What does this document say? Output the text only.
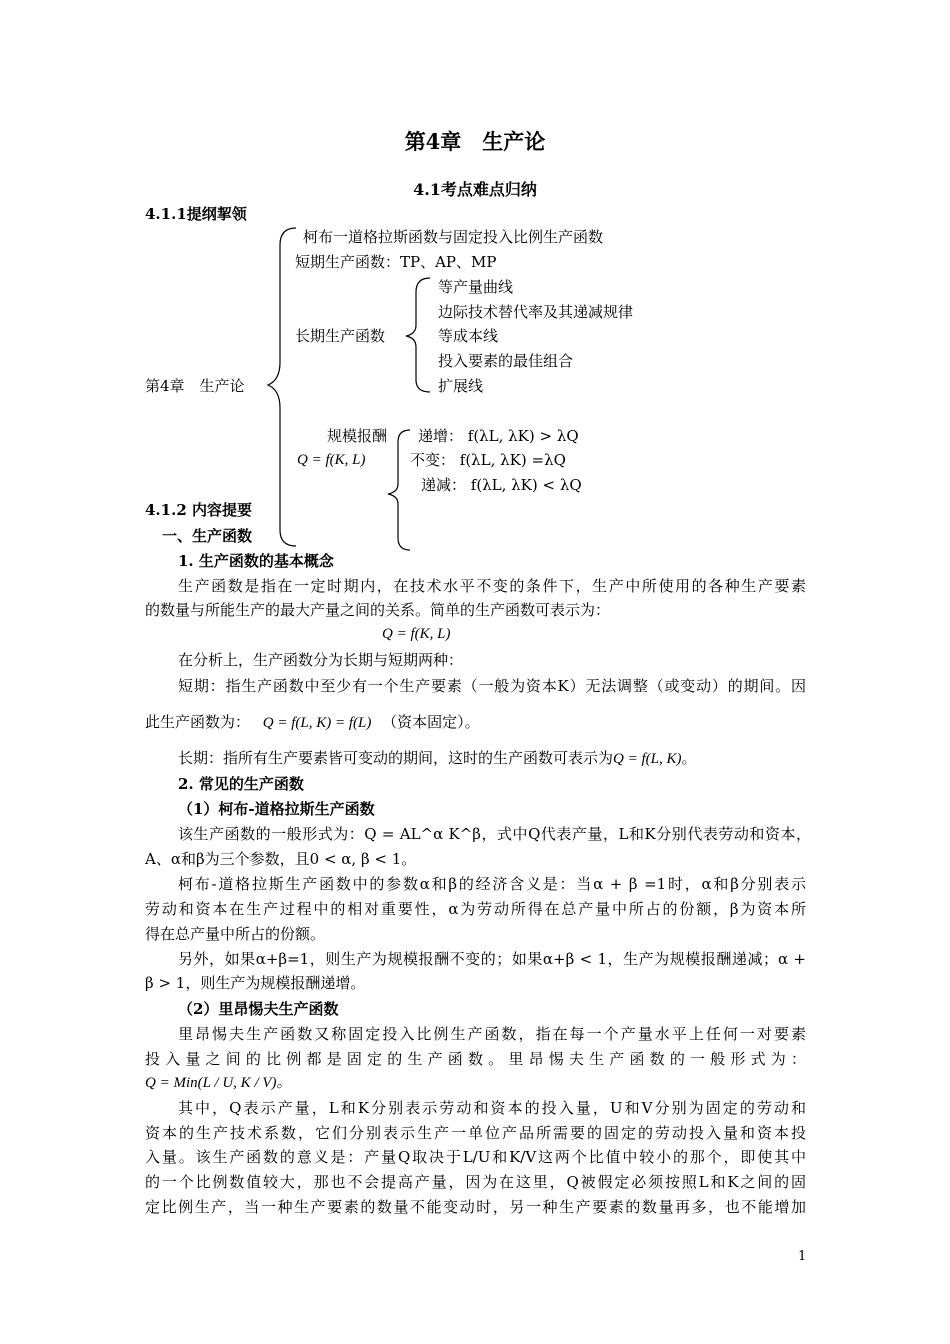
第4章　生产论
4.1考点难点归纳
4.1.1提纲挈领
第4章　生产论
柯布一道格拉斯函数与固定投入比例生产函数
短期生产函数：TP、AP、MP
长期生产函数
等产量曲线
边际技术替代率及其递减规律
等成本线
投入要素的最佳组合
扩展线
规模报酬
Q = f(K, L)
递增： f(λL, λK) > λQ
不变： f(λL, λK) =λQ
递减： f(λL, λK) < λQ
4.1.2 内容提要
一、生产函数
1. 生产函数的基本概念
生产函数是指在一定时期内，在技术水平不变的条件下，生产中所使用的各种生产要素
的数量与所能生产的最大产量之间的关系。简单的生产函数可表示为：
Q = f(K, L)
在分析上，生产函数分为长期与短期两种：
短期：指生产函数中至少有一个生产要素（一般为资本K）无法调整（或变动）的期间。因
此生产函数为： Q = f(L, K) = f(L) （资本固定）。
长期：指所有生产要素皆可变动的期间，这时的生产函数可表示为Q = f(L, K)。
2. 常见的生产函数
（1）柯布-道格拉斯生产函数
该生产函数的一般形式为：Q = AL^α K^β，式中Q代表产量，L和K分别代表劳动和资本，
A、α和β为三个参数，且0 < α, β < 1。
柯布-道格拉斯生产函数中的参数α和β的经济含义是：当α + β =1时，α和β分别表示
劳动和资本在生产过程中的相对重要性，α为劳动所得在总产量中所占的份额，β为资本所
得在总产量中所占的份额。
另外，如果α+β=1，则生产为规模报酬不变的；如果α+β < 1，生产为规模报酬递减；α +
β > 1，则生产为规模报酬递增。
（2）里昂惕夫生产函数
里昂惕夫生产函数又称固定投入比例生产函数，指在每一个产量水平上任何一对要素
投入量之间的比例都是固定的生产函数。里昂惕夫生产函数的一般形式为：
Q = Min(L / U, K / V)。
其中，Q表示产量，L和K分别表示劳动和资本的投入量，U和V分别为固定的劳动和
资本的生产技术系数，它们分别表示生产一单位产品所需要的固定的劳动投入量和资本投
入量。该生产函数的意义是：产量Q取决于L/U和K/V这两个比值中较小的那个，即使其中
的一个比例数值较大，那也不会提高产量，因为在这里，Q被假定必须按照L和K之间的固
定比例生产，当一种生产要素的数量不能变动时，另一种生产要素的数量再多，也不能增加
1
